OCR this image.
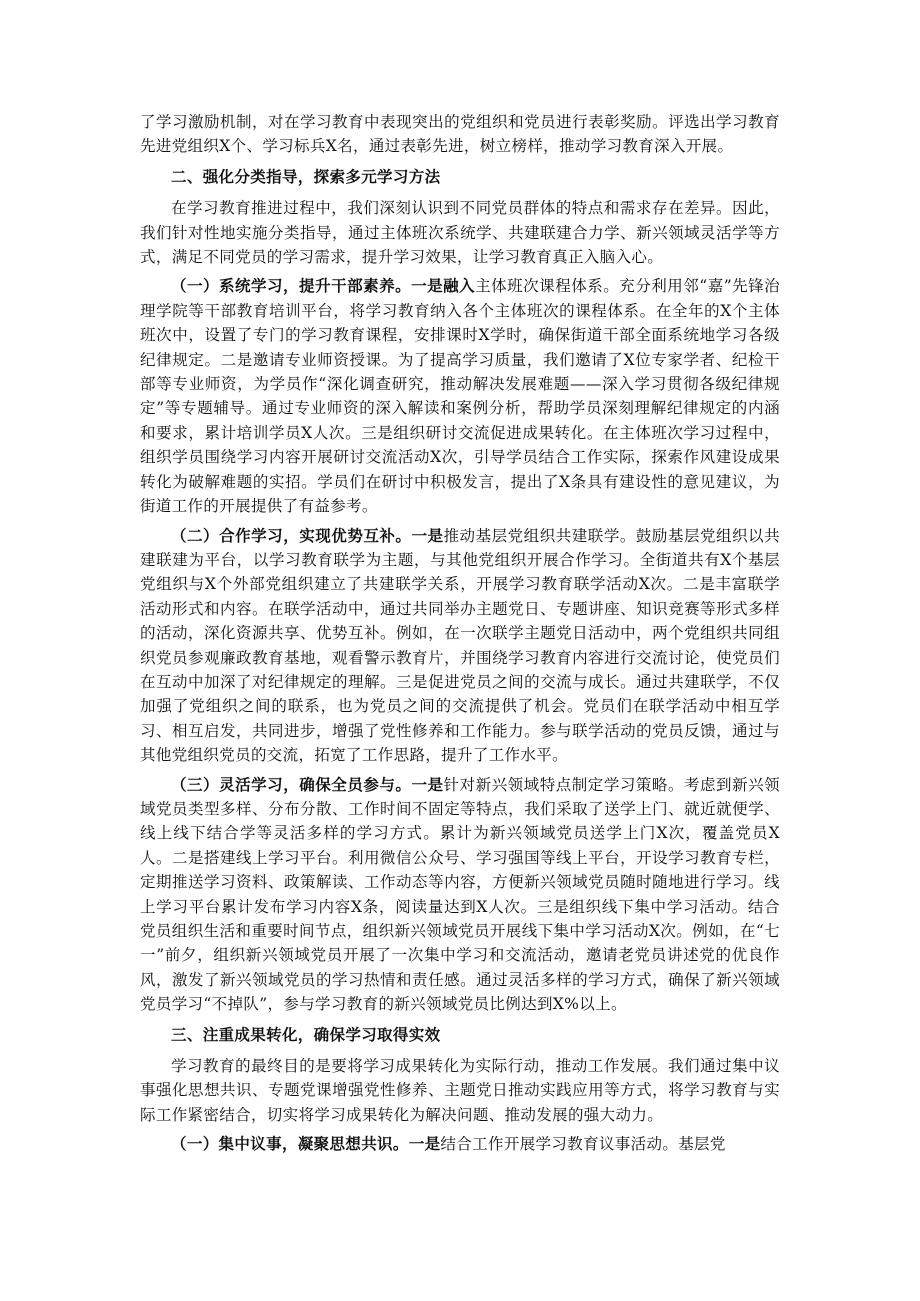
了学习激励机制，对在学习教育中表现突出的党组织和党员进行表彰奖励。评选出学习教育先进党组织X个、学习标兵X名，通过表彰先进，树立榜样，推动学习教育深入开展。

二、强化分类指导，探索多元学习方法

在学习教育推进过程中，我们深刻认识到不同党员群体的特点和需求存在差异。因此，我们针对性地实施分类指导，通过主体班次系统学、共建联建合力学、新兴领域灵活学等方式，满足不同党员的学习需求，提升学习效果，让学习教育真正入脑入心。

（一）系统学习，提升干部素养。一是融入主体班次课程体系。充分利用邻“嘉”先锋治理学院等干部教育培训平台，将学习教育纳入各个主体班次的课程体系。在全年的X个主体班次中，设置了专门的学习教育课程，安排课时X学时，确保街道干部全面系统地学习各级纪律规定。二是邀请专业师资授课。为了提高学习质量，我们邀请了X位专家学者、纪检干部等专业师资，为学员作“深化调查研究，推动解决发展难题——深入学习贯彻各级纪律规定”等专题辅导。通过专业师资的深入解读和案例分析，帮助学员深刻理解纪律规定的内涵和要求，累计培训学员X人次。三是组织研讨交流促进成果转化。在主体班次学习过程中，组织学员围绕学习内容开展研讨交流活动X次，引导学员结合工作实际，探索作风建设成果转化为破解难题的实招。学员们在研讨中积极发言，提出了X条具有建设性的意见建议，为街道工作的开展提供了有益参考。

（二）合作学习，实现优势互补。一是推动基层党组织共建联学。鼓励基层党组织以共建联建为平台，以学习教育联学为主题，与其他党组织开展合作学习。全街道共有X个基层党组织与X个外部党组织建立了共建联学关系，开展学习教育联学活动X次。二是丰富联学活动形式和内容。在联学活动中，通过共同举办主题党日、专题讲座、知识竞赛等形式多样的活动，深化资源共享、优势互补。例如，在一次联学主题党日活动中，两个党组织共同组织党员参观廉政教育基地，观看警示教育片，并围绕学习教育内容进行交流讨论，使党员们在互动中加深了对纪律规定的理解。三是促进党员之间的交流与成长。通过共建联学，不仅加强了党组织之间的联系，也为党员之间的交流提供了机会。党员们在联学活动中相互学习、相互启发，共同进步，增强了党性修养和工作能力。参与联学活动的党员反馈，通过与其他党组织党员的交流，拓宽了工作思路，提升了工作水平。

（三）灵活学习，确保全员参与。一是针对新兴领域特点制定学习策略。考虑到新兴领域党员类型多样、分布分散、工作时间不固定等特点，我们采取了送学上门、就近就便学、线上线下结合学等灵活多样的学习方式。累计为新兴领域党员送学上门X次，覆盖党员X人。二是搭建线上学习平台。利用微信公众号、学习强国等线上平台，开设学习教育专栏，定期推送学习资料、政策解读、工作动态等内容，方便新兴领域党员随时随地进行学习。线上学习平台累计发布学习内容X条，阅读量达到X人次。三是组织线下集中学习活动。结合党员组织生活和重要时间节点，组织新兴领域党员开展线下集中学习活动X次。例如，在“七一”前夕，组织新兴领域党员开展了一次集中学习和交流活动，邀请老党员讲述党的优良作风，激发了新兴领域党员的学习热情和责任感。通过灵活多样的学习方式，确保了新兴领域党员学习“不掉队”，参与学习教育的新兴领域党员比例达到X%以上。

三、注重成果转化，确保学习取得实效

学习教育的最终目的是要将学习成果转化为实际行动，推动工作发展。我们通过集中议事强化思想共识、专题党课增强党性修养、主题党日推动实践应用等方式，将学习教育与实际工作紧密结合，切实将学习成果转化为解决问题、推动发展的强大动力。

（一）集中议事，凝聚思想共识。一是结合工作开展学习教育议事活动。基层党
